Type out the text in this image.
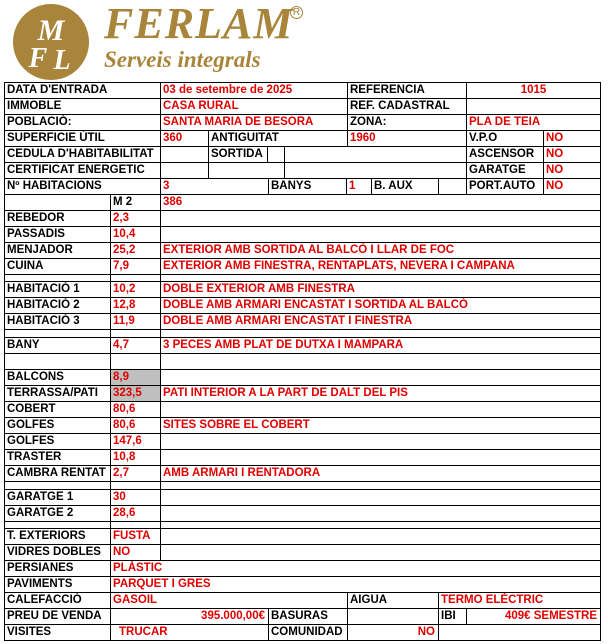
M
F L
FERLAM R
Serveis integrals
DATA D'ENTRADA	03 de setembre de 2025	REFERENCIA	1015
IMMOBLE	CASA RURAL	REF. CADASTRAL
POBLACIÓ:	SANTA MARIA DE BESORA	ZONA:	PLA DE TEIA
SUPERFICIE ÚTIL	360	ANTIGUITAT	1960	V.P.O	NO
CEDULA D'HABITABILITAT	SORTIDA	ASCENSOR	NO
CERTIFICAT ENERGETIC	GARATGE	NO
Nº HABITACIONS	3	BANYS	1	B. AUX	PORT.AUTO NO
M 2	386
REBEDOR	2,3
PASSADIS	10,4
MENJADOR	25,2	EXTERIOR AMB SORTIDA AL BALCÒ I LLAR DE FOC
CUINA	7,9	EXTERIOR AMB FINESTRA, RENTAPLATS, NEVERA I CAMPANA
HABITACIÓ 1	10,2	DOBLE EXTERIOR AMB FINESTRA
HABITACIÓ 2	12,8	DOBLE AMB ARMARI ENCASTAT I SORTIDA AL BALCÓ
HABITACIÓ 3	11,9	DOBLE AMB ARMARI ENCASTAT I FINESTRA
BANY	4,7	3 PECES AMB PLAT DE DUTXA I MAMPARA
BALCONS	8,9
TERRASSA/PATI	323,5	PATI INTERIOR A LA PART DE DALT DEL PIS
COBERT	80,6
GOLFES	80,6	SITES SOBRE EL COBERT
GOLFES	147,6
TRASTER	10,8
CAMBRA RENTAT 2,7	AMB ARMARI I RENTADORA
GARATGE 1	30
GARATGE 2	28,6
T. EXTERIORS	FUSTA
VIDRES DOBLES	NO
PERSIANES	PLÀSTIC
PAVIMENTS	PARQUET I GRES
CALEFACCIÓ	GASOIL	AIGUA	TERMO ELÈCTRIC
PREU DE VENDA	395.000,00€ BASURAS	IBI	409€ SEMESTRE
VISITES	TRUCAR	COMUNIDAD	NO
